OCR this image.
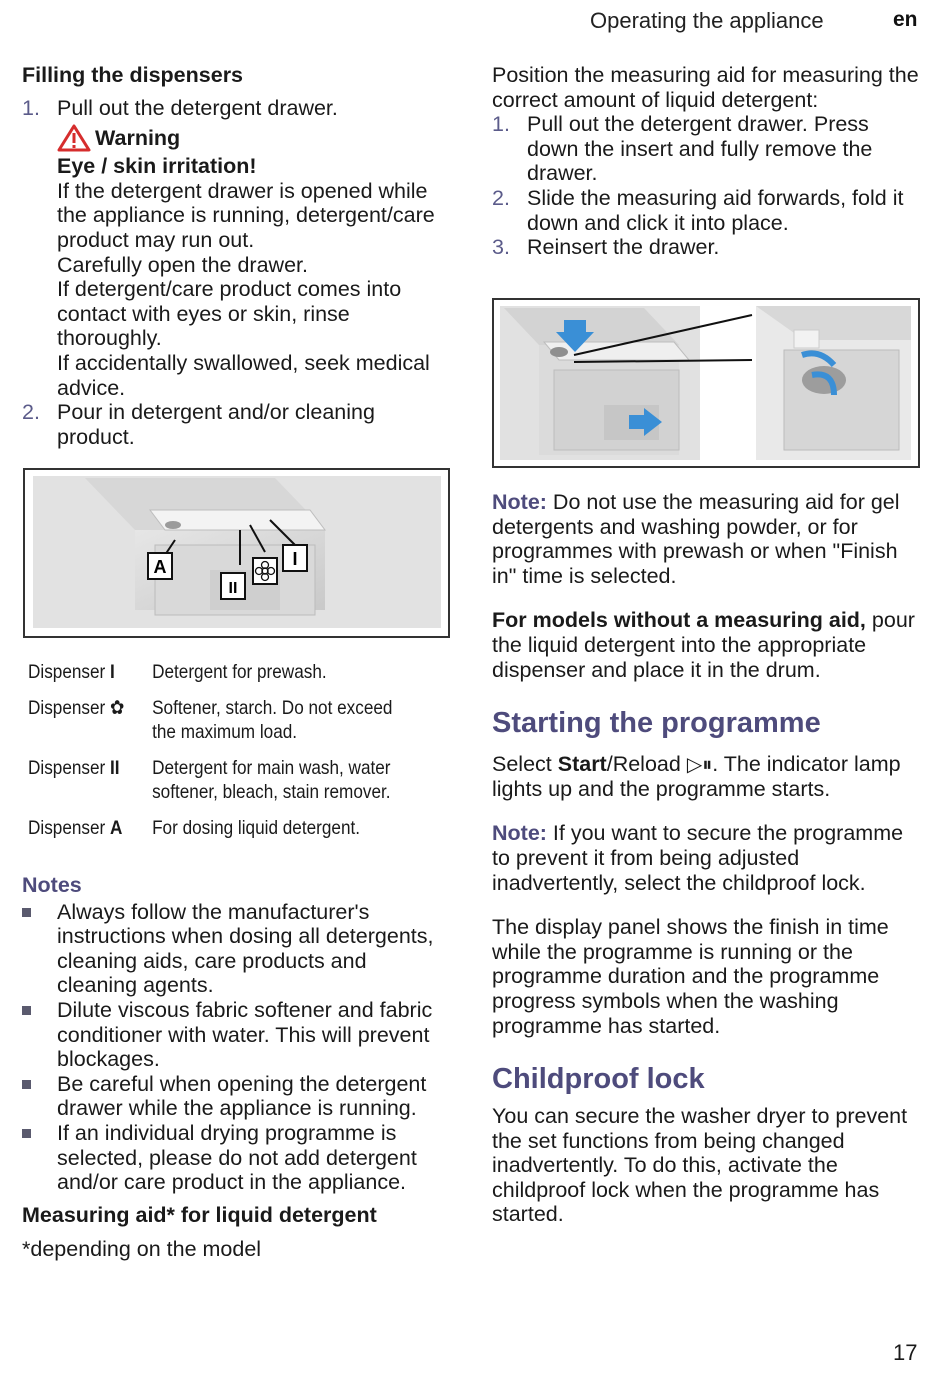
Operating the appliance	en
Filling the dispensers
1. Pull out the detergent drawer.
Warning
Eye / skin irritation!
If the detergent drawer is opened while the appliance is running, detergent/care product may run out.
Carefully open the drawer.
If detergent/care product comes into contact with eyes or skin, rinse thoroughly.
If accidentally swallowed, seek medical advice.
2. Pour in detergent and/or cleaning product.
A
II
I
Dispenser I	Detergent for prewash.
Dispenser ✿	Softener, starch. Do not exceed the maximum load.
Dispenser II	Detergent for main wash, water softener, bleach, stain remover.
Dispenser A	For dosing liquid detergent.
Notes
Always follow the manufacturer's instructions when dosing all detergents, cleaning aids, care products and cleaning agents.
Dilute viscous fabric softener and fabric conditioner with water. This will prevent blockages.
Be careful when opening the detergent drawer while the appliance is running.
If an individual drying programme is selected, please do not add detergent and/or care product in the appliance.
Measuring aid* for liquid detergent
*depending on the model
Position the measuring aid for measuring the correct amount of liquid detergent:
1. Pull out the detergent drawer. Press down the insert and fully remove the drawer.
2. Slide the measuring aid forwards, fold it down and click it into place.
3. Reinsert the drawer.
Note: Do not use the measuring aid for gel detergents and washing powder, or for programmes with prewash or when "Finish in" time is selected.
For models without a measuring aid, pour the liquid detergent into the appropriate dispenser and place it in the drum.
Starting the programme
Select Start/Reload ▷⏸. The indicator lamp lights up and the programme starts.
Note: If you want to secure the programme to prevent it from being adjusted inadvertently, select the childproof lock.
The display panel shows the finish in time while the programme is running or the programme duration and the programme progress symbols when the washing programme has started.
Childproof lock
You can secure the washer dryer to prevent the set functions from being changed inadvertently. To do this, activate the childproof lock when the programme has started.
17
